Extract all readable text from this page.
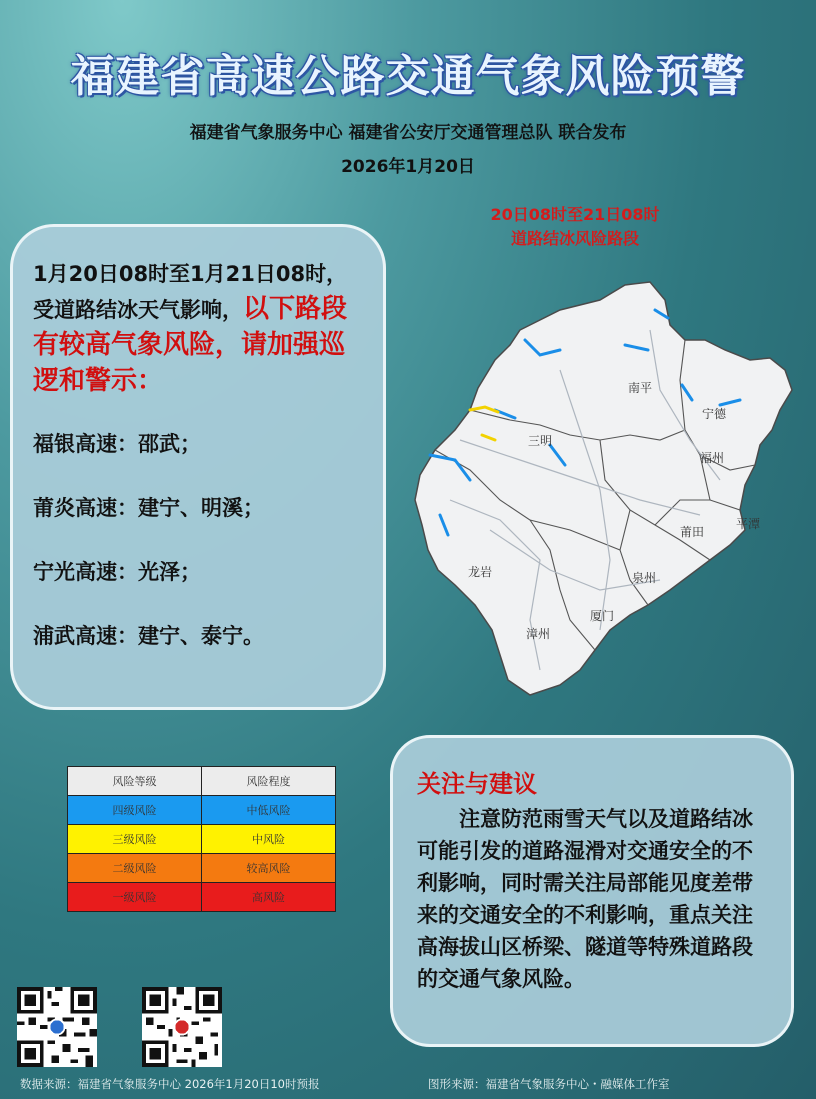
福建省高速公路交通气象风险预警
福建省气象服务中心 福建省公安厅交通管理总队 联合发布
2026年1月20日
20日08时至21日08时
道路结冰风险路段
南平
宁德
三明
福州
莆田
平潭
龙岩	泉州
漳州
厦门
1月20日08时至1月21日08时，受道路结冰天气影响，以下路段有较高气象风险，请加强巡逻和警示：
福银高速：邵武；
莆炎高速：建宁、明溪；
宁光高速：光泽；
浦武高速：建宁、泰宁。
风险等级	风险程度
四级风险	中低风险
三级风险	中风险
二级风险	较高风险
一级风险	高风险
关注与建议
注意防范雨雪天气以及道路结冰可能引发的道路湿滑对交通安全的不利影响，同时需关注局部能见度差带来的交通安全的不利影响，重点关注高海拔山区桥梁、隧道等特殊道路段的交通气象风险。
数据来源：福建省气象服务中心 2026年1月20日10时预报	图形来源：福建省气象服务中心・融媒体工作室
